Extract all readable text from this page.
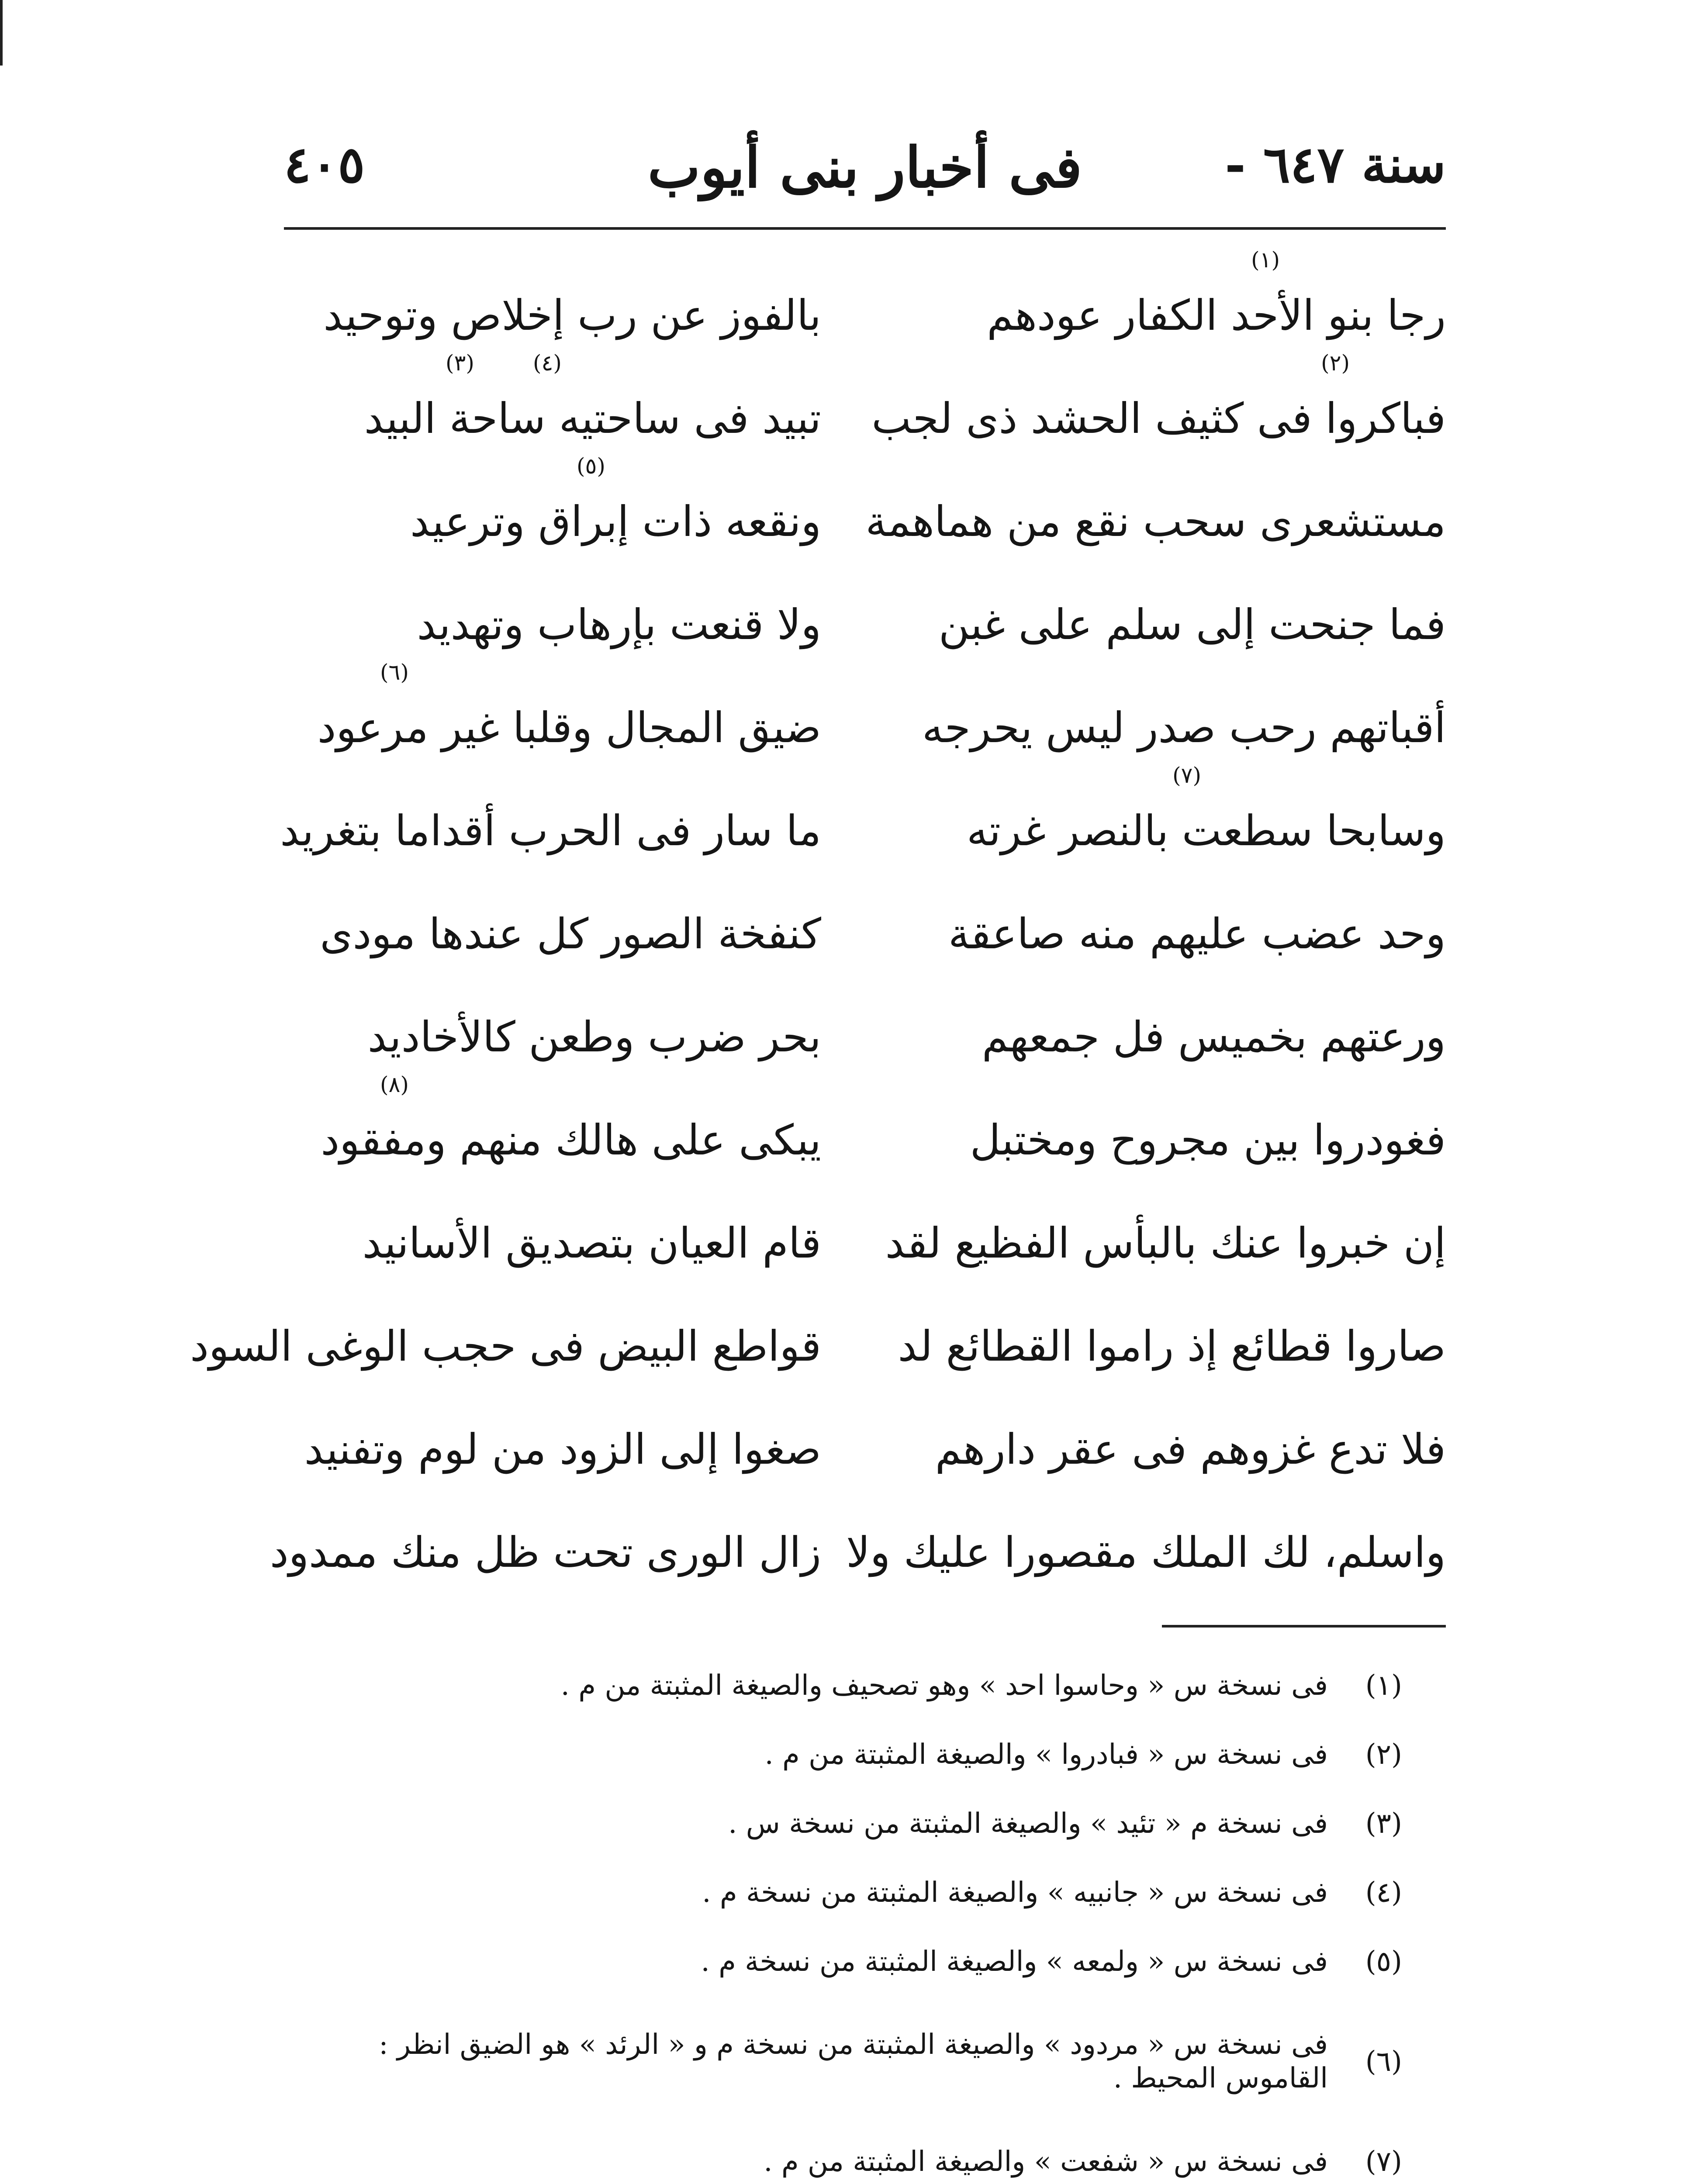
سنة ٦٤٧ -
فى أخبار بنى أيوب
٤٠٥
رجا بنو الأحد الكفار عودهم
بالفوز عن رب إخلاص وتوحيد
(١)
فباكروا فى كثيف الحشد ذى لجب
تبيد فى ساحتيه ساحة البيد
(٢)
(٣)	(٤)
مستشعرى سحب نقع من هماهمة
ونقعه ذات إبراق وترعيد
(٥)
فما جنحت إلى سلم على غبن
ولا قنعت بإرهاب وتهديد
أقباتهم رحب صدر ليس يحرجه
ضيق المجال وقلبا غير مرعود
(٦)
وسابحا سطعت بالنصر غرته
ما سار فى الحرب أقداما بتغريد
(٧)
وحد عضب عليهم منه صاعقة
كنفخة الصور كل عندها مودى
ورعتهم بخميس فل جمعهم
بحر ضرب وطعن كالأخاديد
فغودروا بين مجروح ومختبل
يبكى على هالك منهم ومفقود
(٨)
إن خبروا عنك بالبأس الفظيع لقد
قام العيان بتصديق الأسانيد
صاروا قطائع إذ راموا القطائع لد
قواطع البيض فى حجب الوغى السود
فلا تدع غزوهم فى عقر دارهم
صغوا إلى الزود من لوم وتفنيد
واسلم، لك الملك مقصورا عليك ولا
زال الورى تحت ظل منك ممدود
(١)
فى نسخة س « وحاسوا احد » وهو تصحيف والصيغة المثبتة من م .
(٢)
فى نسخة س « فبادروا » والصيغة المثبتة من م .
(٣)
فى نسخة م « تئيد » والصيغة المثبتة من نسخة س .
(٤)
فى نسخة س « جانبيه » والصيغة المثبتة من نسخة م .
(٥)
فى نسخة س « ولمعه » والصيغة المثبتة من نسخة م .
(٦)
فى نسخة س « مردود » والصيغة المثبتة من نسخة م و « الرئد » هو الضيق انظر : القاموس المحيط .
(٧)
فى نسخة س « شفعت » والصيغة المثبتة من م .
